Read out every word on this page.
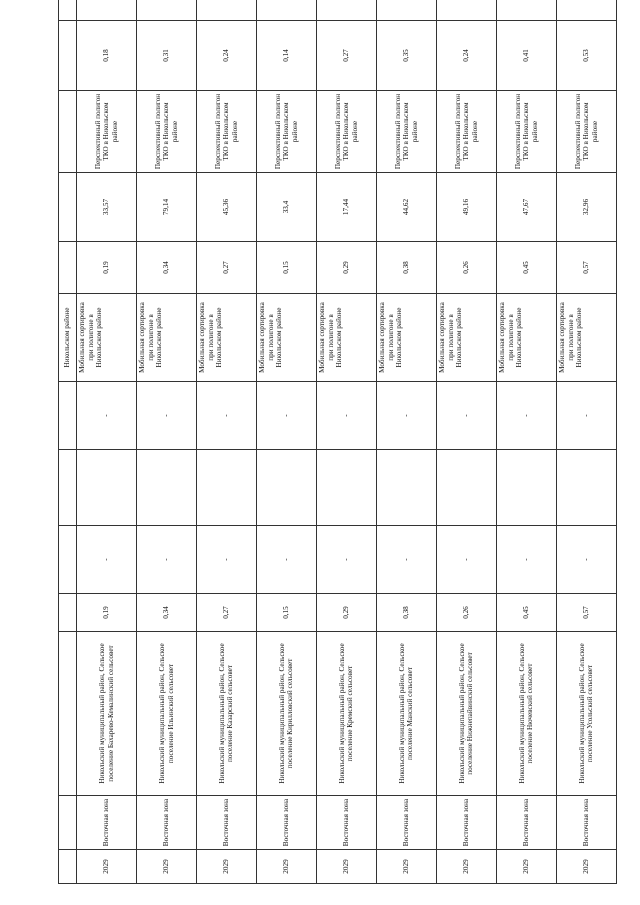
							Никольском районе					
2029	Восточная зона	Никольский муниципальный район, Сельское поселение Бахарево-Кемалинский сельсовет	0,19	-		-	Мобильная сортировка при полигоне в Никольском районе	0,19	33,57	Перспективный полигон ТКО в Никольском районе	0,18	
2029	Восточная зона	Никольский муниципальный район, Сельское поселение Ильинский сельсовет	0,34	-		-	Мобильная сортировка при полигоне в Никольском районе	0,34	79,14	Перспективный полигон ТКО в Никольском районе	0,31	
2029	Восточная зона	Никольский муниципальный район, Сельское поселение Казарский сельсовет	0,27	-		-	Мобильная сортировка при полигоне в Никольском районе	0,27	45,36	Перспективный полигон ТКО в Никольском районе	0,24	
2029	Восточная зона	Никольский муниципальный район, Сельское поселение Кирилловский сельсовет	0,15	-		-	Мобильная сортировка при полигоне в Никольском районе	0,15	33,4	Перспективный полигон ТКО в Никольском районе	0,14	
2029	Восточная зона	Никольский муниципальный район, Сельское поселение Кремский сельсовет	0,29	-		-	Мобильная сортировка при полигоне в Никольском районе	0,29	17,44	Перспективный полигон ТКО в Никольском районе	0,27	
2029	Восточная зона	Никольский муниципальный район, Сельское поселение Манский сельсовет	0,38	-		-	Мобильная сортировка при полигоне в Никольском районе	0,38	44,62	Перспективный полигон ТКО в Никольском районе	0,35	
2029	Восточная зона	Никольский муниципальный район, Сельское поселение Нижнепайвинский сельсовет	0,26	-		-	Мобильная сортировка при полигоне в Никольском районе	0,26	49,16	Перспективный полигон ТКО в Никольском районе	0,24	
2029	Восточная зона	Никольский муниципальный район, Сельское поселение Нючевский сельсовет	0,45	-		-	Мобильная сортировка при полигоне в Никольском районе	0,45	47,67	Перспективный полигон ТКО в Никольском районе	0,41	
2029	Восточная зона	Никольский муниципальный район, Сельское поселение Усольский сельсовет	0,57	-		-	Мобильная сортировка при полигоне в Никольском районе	0,57	32,96	Перспективный полигон ТКО в Никольском районе	0,53	
